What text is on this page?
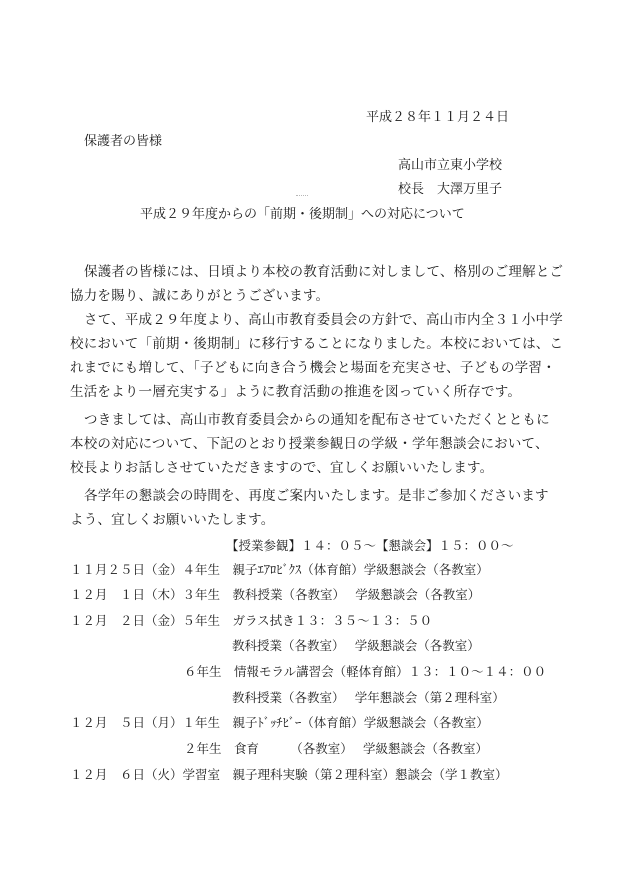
平成２８年１１月２４日
保護者の皆様
高山市立東小学校
校長　大澤万里子
平成２９年度からの「前期・後期制」への対応について
保護者の皆様には、日頃より本校の教育活動に対しまして、格別のご理解とご
協力を賜り、誠にありがとうございます。
さて、平成２９年度より、高山市教育委員会の方針で、高山市内全３１小中学
校において「前期・後期制」に移行することになりました。本校においては、こ
れまでにも増して、「子どもに向き合う機会と場面を充実させ、子どもの学習・
生活をより一層充実する」ように教育活動の推進を図っていく所存です。
つきましては、高山市教育委員会からの通知を配布させていただくとともに
本校の対応について、下記のとおり授業参観日の学級・学年懇談会において、
校長よりお話しさせていただきますので、宜しくお願いいたします。
各学年の懇談会の時間を、再度ご案内いたします。是非ご参加くださいます
よう、宜しくお願いいたします。
【授業参観】１４：０５～【懇談会】１５：００～
１１月２５日（金）４年生　親子ｴｱﾛﾋﾞｸｽ（体育館）学級懇談会（各教室）
１２月　１日（木）３年生　教科授業（各教室）　 学級懇談会（各教室）
１２月　２日（金）５年生　ガラス拭き１３：３５～１３：５０
教科授業（各教室）　 学級懇談会（各教室）
６年生　情報モラル講習会（軽体育館）１３：１０～１４：００
教科授業（各教室）　 学年懇談会（第２理科室）
１２月　５日（月）１年生　親子ﾄﾞｯﾁﾋﾞｰ（体育館）学級懇談会（各教室）
２年生　食育　　　（各教室）　 学級懇談会（各教室）
１２月　６日（火）学習室　親子理科実験（第２理科室）懇談会（学１教室）
